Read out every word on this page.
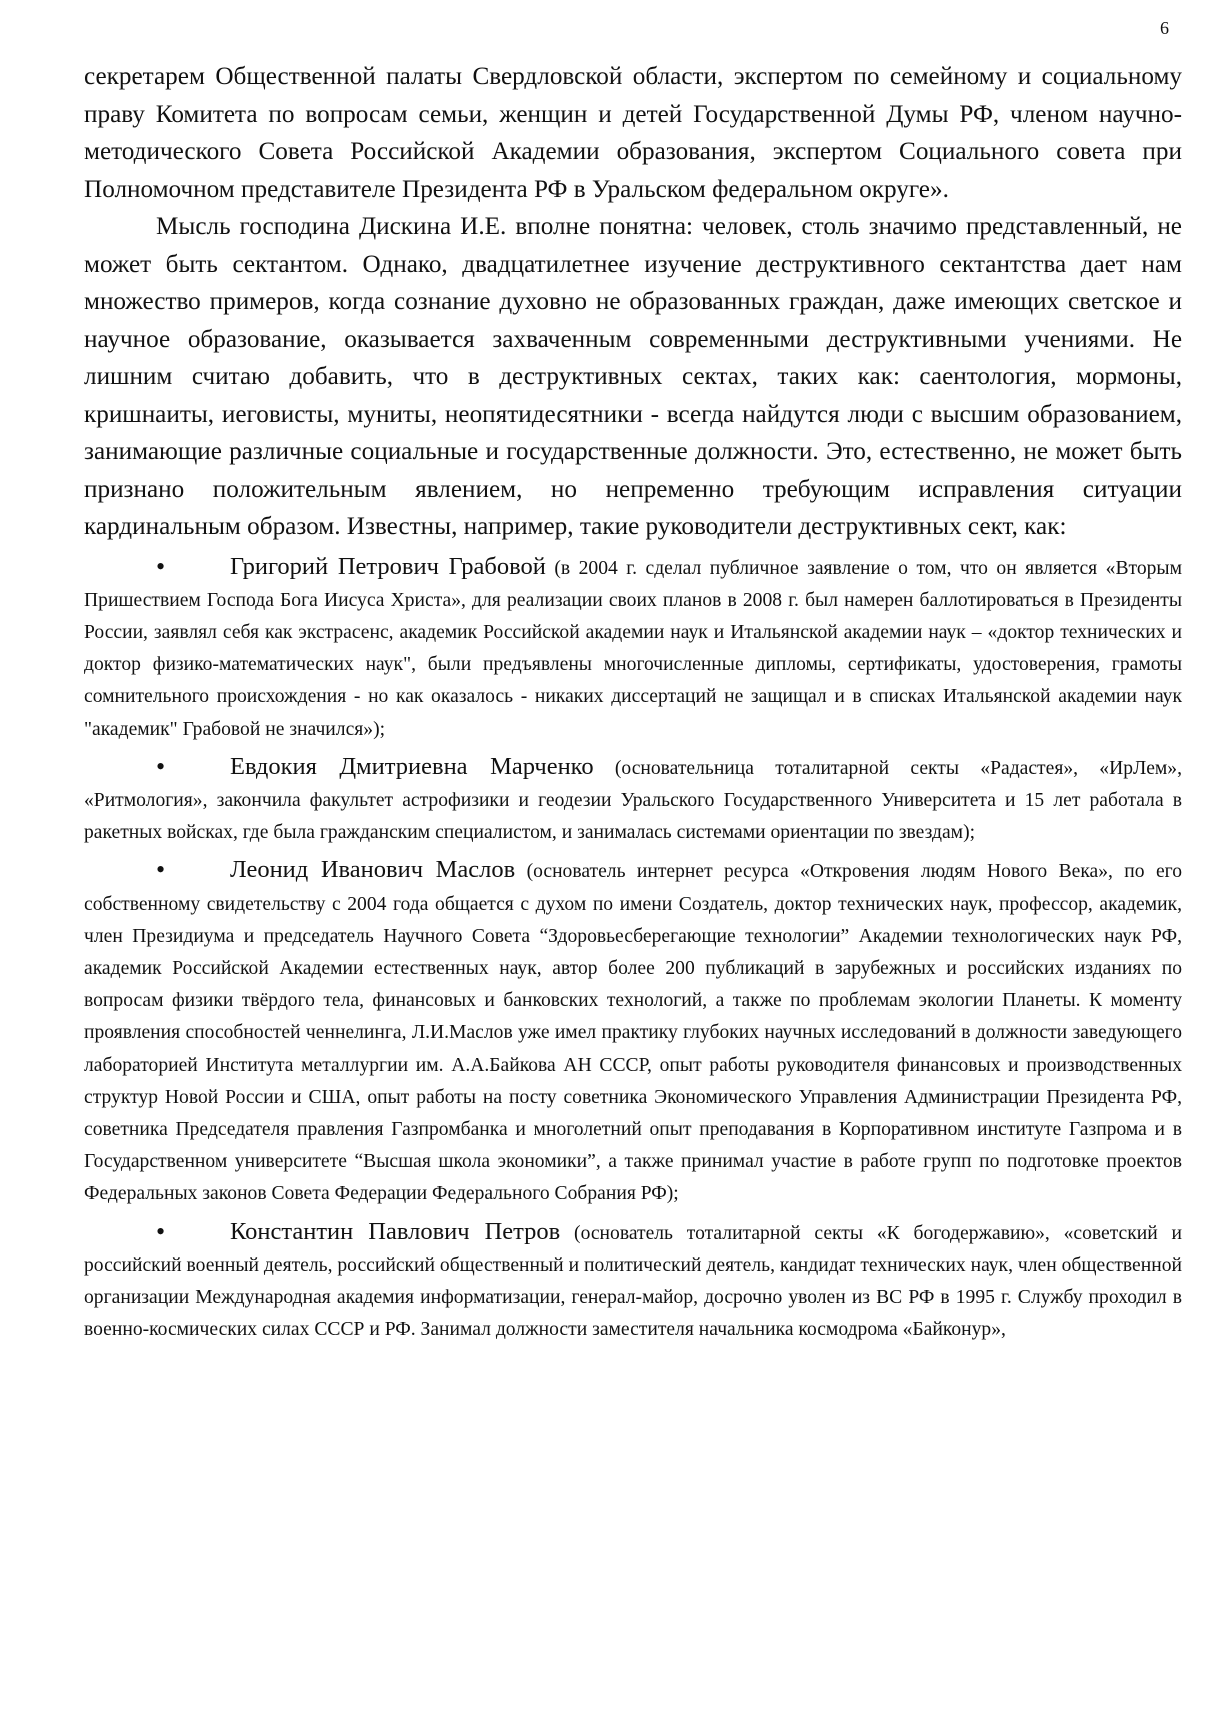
6

секретарем Общественной палаты Свердловской области, экспертом по семейному и социальному праву Комитета по вопросам семьи, женщин и детей Государственной Думы РФ, членом научно-методического Совета Российской Академии образования, экспертом Социального совета при Полномочном представителе Президента РФ в Уральском федеральном округе».

Мысль господина Дискина И.Е. вполне понятна: человек, столь значимо представленный, не может быть сектантом. Однако, двадцатилетнее изучение деструктивного сектантства дает нам множество примеров, когда сознание духовно не образованных граждан, даже имеющих светское и научное образование, оказывается захваченным современными деструктивными учениями. Не лишним считаю добавить, что в деструктивных сектах, таких как: саентология, мормоны, кришнаиты, иеговисты, муниты, неопятидесятники - всегда найдутся люди с высшим образованием, занимающие различные социальные и государственные должности. Это, естественно, не может быть признано положительным явлением, но непременно требующим исправления ситуации кардинальным образом. Известны, например, такие руководители деструктивных сект, как:

•	Григорий Петрович Грабовой (в 2004 г. сделал публичное заявление о том, что он является «Вторым Пришествием Господа Бога Иисуса Христа», для реализации своих планов в 2008 г. был намерен баллотироваться в Президенты России, заявлял себя как экстрасенс, академик Российской академии наук и Итальянской академии наук – «доктор технических и доктор физико-математических наук", были предъявлены многочисленные дипломы, сертификаты, удостоверения, грамоты сомнительного происхождения - но как оказалось - никаких диссертаций не защищал и в списках Итальянской академии наук "академик" Грабовой не значился»);

•	Евдокия Дмитриевна Марченко (основательница тоталитарной секты «Радастея», «ИрЛем», «Ритмология», закончила факультет астрофизики и геодезии Уральского Государственного Университета и 15 лет работала в ракетных войсках, где была гражданским специалистом, и занималась системами ориентации по звездам);

•	Леонид Иванович Маслов (основатель интернет ресурса «Откровения людям Нового Века», по его собственному свидетельству с 2004 года общается с духом по имени Создатель, доктор технических наук, профессор, академик, член Президиума и председатель Научного Совета “Здоровьесберегающие технологии” Академии технологических наук РФ, академик Российской Академии естественных наук, автор более 200 публикаций в зарубежных и российских изданиях по вопросам физики твёрдого тела, финансовых и банковских технологий, а также по проблемам экологии Планеты. К моменту проявления способностей ченнелинга, Л.И.Маслов уже имел практику глубоких научных исследований в должности заведующего лабораторией Института металлургии им. А.А.Байкова АН СССР, опыт работы руководителя финансовых и производственных структур Новой России и США, опыт работы на посту советника Экономического Управления Администрации Президента РФ, советника Председателя правления Газпромбанка и многолетний опыт преподавания в Корпоративном институте Газпрома и в Государственном университете “Высшая школа экономики”, а также принимал участие в работе групп по подготовке проектов Федеральных законов Совета Федерации Федерального Собрания РФ);

•	Константин Павлович Петров (основатель тоталитарной секты «К богодержавию», «советский и российский военный деятель, российский общественный и политический деятель, кандидат технических наук, член общественной организации Международная академия информатизации, генерал-майор, досрочно уволен из ВС РФ в 1995 г. Службу проходил в военно-космических силах СССР и РФ. Занимал должности заместителя начальника космодрома «Байконур»,
